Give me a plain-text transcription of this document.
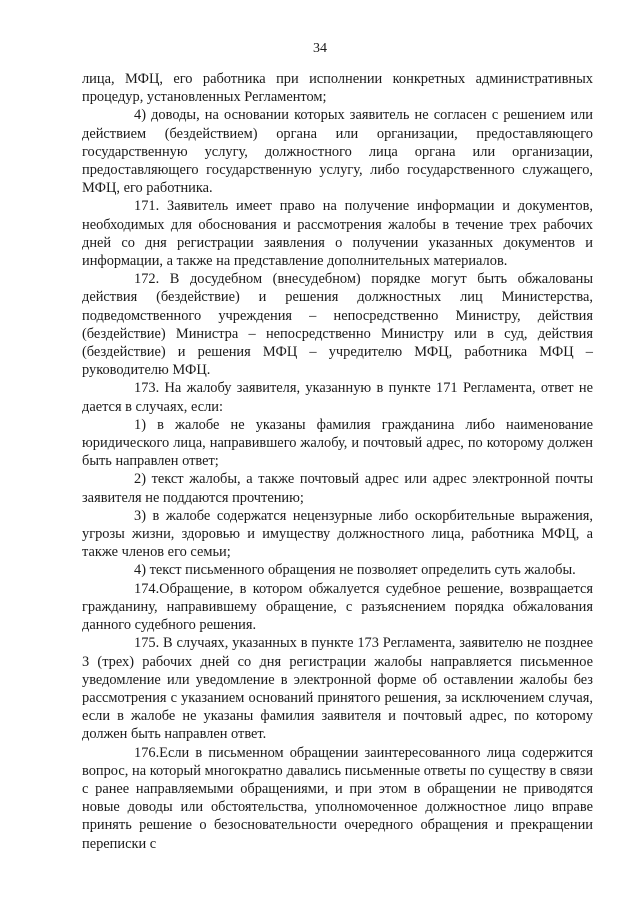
34

лица, МФЦ, его работника при исполнении конкретных административных процедур, установленных Регламентом;

4) доводы, на основании которых заявитель не согласен с решением или действием (бездействием) органа или организации, предоставляющего государственную услугу, должностного лица органа или организации, предоставляющего государственную услугу, либо государственного служащего, МФЦ, его работника.

171. Заявитель имеет право на получение информации и документов, необходимых для обоснования и рассмотрения жалобы в течение трех рабочих дней со дня регистрации заявления о получении указанных документов и информации, а также на представление дополнительных материалов.

172. В досудебном (внесудебном) порядке могут быть обжалованы действия (бездействие) и решения должностных лиц Министерства, подведомственного учреждения – непосредственно Министру, действия (бездействие) Министра – непосредственно Министру или в суд, действия (бездействие) и решения МФЦ – учредителю МФЦ, работника МФЦ – руководителю МФЦ.

173. На жалобу заявителя, указанную в пункте 171 Регламента, ответ не дается в случаях, если:

1) в жалобе не указаны фамилия гражданина либо наименование юридического лица, направившего жалобу, и почтовый адрес, по которому должен быть направлен ответ;

2) текст жалобы, а также почтовый адрес или адрес электронной почты заявителя не поддаются прочтению;

3) в жалобе содержатся нецензурные либо оскорбительные выражения, угрозы жизни, здоровью и имуществу должностного лица, работника МФЦ, а также членов его семьи;

4) текст письменного обращения не позволяет определить суть жалобы.

174.Обращение, в котором обжалуется судебное решение, возвращается гражданину, направившему обращение, с разъяснением порядка обжалования данного судебного решения.

175. В случаях, указанных в пункте 173 Регламента, заявителю не позднее 3 (трех) рабочих дней со дня регистрации жалобы направляется письменное уведомление или уведомление в электронной форме об оставлении жалобы без рассмотрения с указанием оснований принятого решения, за исключением случая, если в жалобе не указаны фамилия заявителя и почтовый адрес, по которому должен быть направлен ответ.

176.Если в письменном обращении заинтересованного лица содержится вопрос, на который многократно давались письменные ответы по существу в связи с ранее направляемыми обращениями, и при этом в обращении не приводятся новые доводы или обстоятельства, уполномоченное должностное лицо вправе принять решение о безосновательности очередного обращения и прекращении переписки с
